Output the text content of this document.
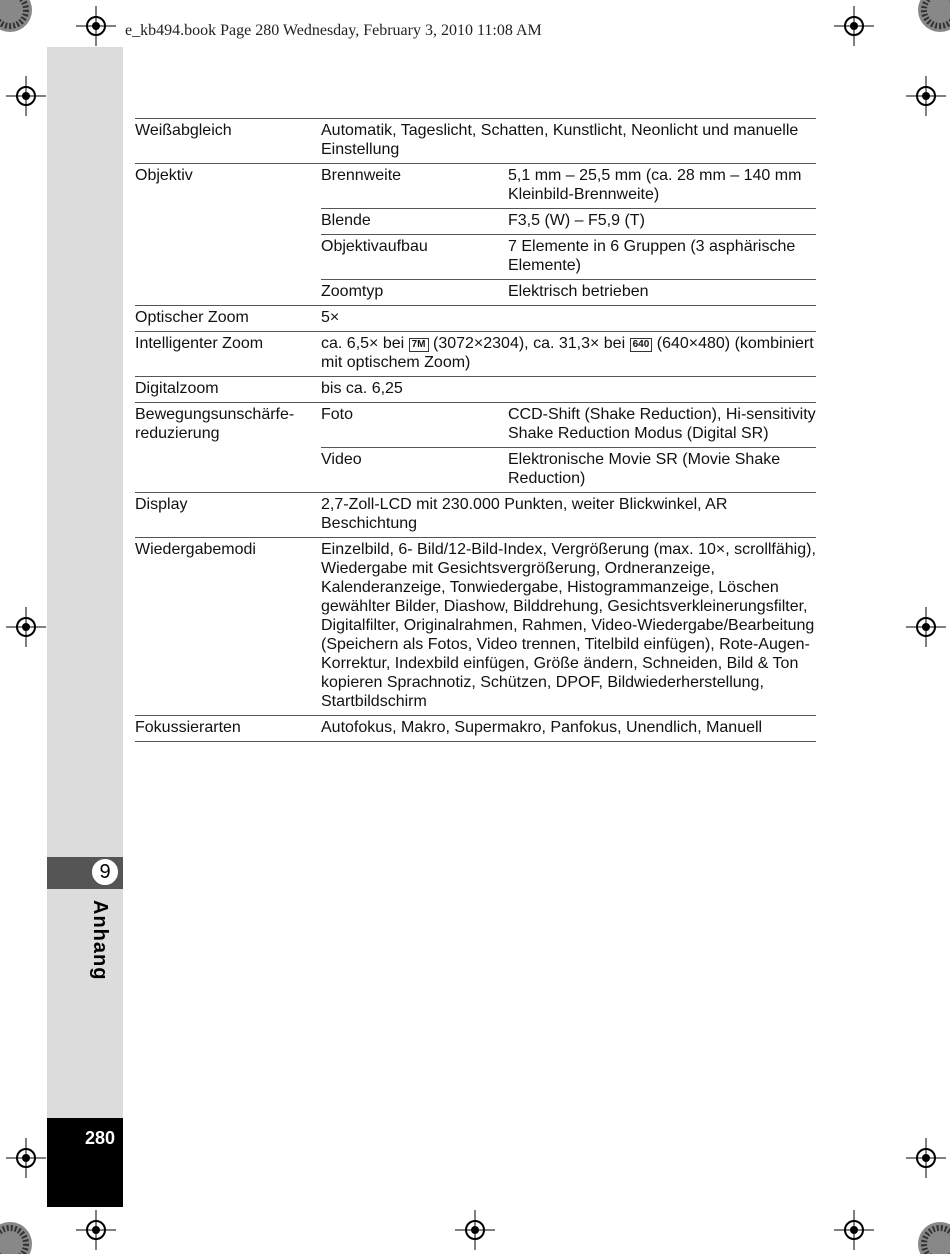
e_kb494.book Page 280 Wednesday, February 3, 2010 11:08 AM
9
Anhang
280
Weißabgleich	Automatik, Tageslicht, Schatten, Kunstlicht, Neonlicht und manuelle Einstellung	
Objektiv	Brennweite	5,1 mm – 25,5 mm (ca. 28 mm – 140 mm Kleinbild-Brennweite)
	Blende	F3,5 (W) – F5,9 (T)
	Objektivaufbau	7 Elemente in 6 Gruppen (3 asphärische Elemente)
	Zoomtyp	Elektrisch betrieben
Optischer Zoom	5×	
Intelligenter Zoom	ca. 6,5× bei 7M (3072×2304), ca. 31,3× bei 640 (640×480) (kombiniert mit optischem Zoom)	
Digitalzoom	bis ca. 6,25	
Bewegungsunschärfe-reduzierung	Foto	CCD-Shift (Shake Reduction), Hi-sensitivity Shake Reduction Modus (Digital SR)
	Video	Elektronische Movie SR (Movie Shake Reduction)
Display	2,7-Zoll-LCD mit 230.000 Punkten, weiter Blickwinkel, AR Beschichtung	
Wiedergabemodi	Einzelbild, 6- Bild/12-Bild-Index, Vergrößerung (max. 10×, scrollfähig), Wiedergabe mit Gesichtsvergrößerung, Ordneranzeige, Kalenderanzeige, Tonwiedergabe, Histogrammanzeige, Löschen gewählter Bilder, Diashow, Bilddrehung, Gesichtsverkleinerungsfilter, Digitalfilter, Originalrahmen, Rahmen, Video-Wiedergabe/Bearbeitung (Speichern als Fotos, Video trennen, Titelbild einfügen), Rote-Augen-Korrektur, Indexbild einfügen, Größe ändern, Schneiden, Bild & Ton kopieren Sprachnotiz, Schützen, DPOF, Bildwiederherstellung, Startbildschirm	
Fokussierarten	Autofokus, Makro, Supermakro, Panfokus, Unendlich, Manuell	
